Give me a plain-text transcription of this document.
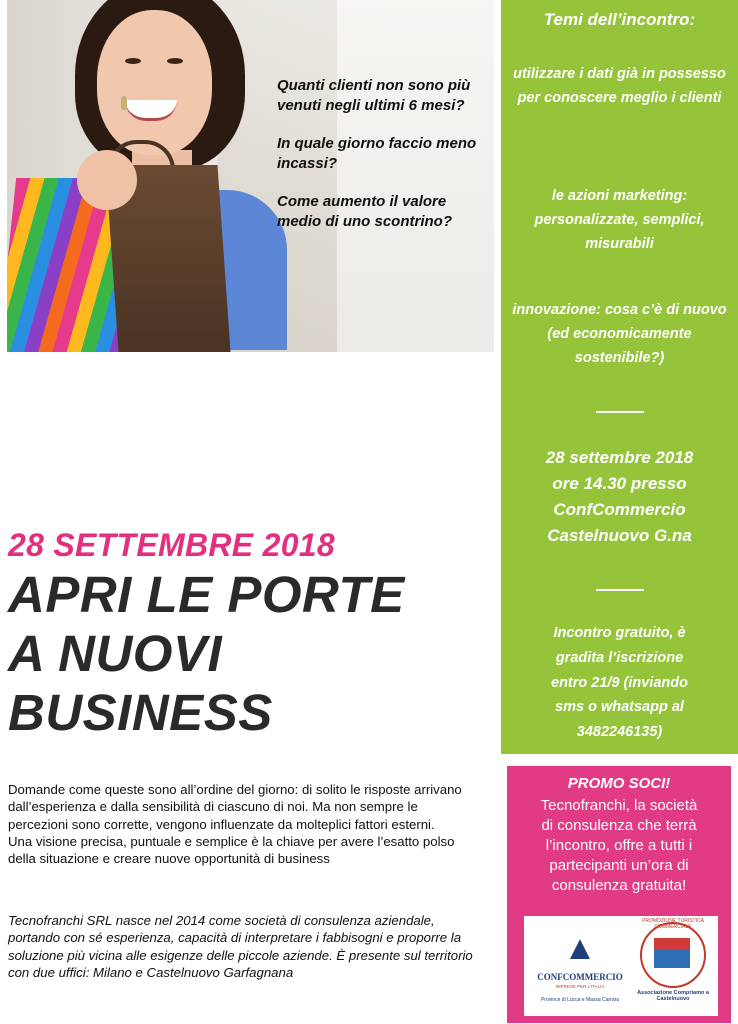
Quanti clienti non sono più venuti negli ultimi 6 mesi?

In quale giorno faccio meno incassi?

Come aumento il valore medio di uno scontrino?

Temi dell’incontro:
utilizzare i dati già in possesso per conoscere meglio i clienti
le azioni marketing: personalizzate, semplici, misurabili
innovazione: cosa c’è di nuovo (ed economicamente sostenibile?)
28 settembre 2018
ore 14.30 presso
ConfCommercio
Castelnuovo G.na
Incontro gratuito, è
gradita l’iscrizione
entro 21/9 (inviando
sms o whatsapp al
3482246135)
28 SETTEMBRE 2018
APRI LE PORTE
A NUOVI
BUSINESS
Domande come queste sono all’ordine del giorno: di solito le risposte arrivano
dall’esperienza e dalla sensibilità di ciascuno di noi. Ma non sempre le
percezioni sono corrette, vengono influenzate da molteplici fattori esterni.
Una visione precisa, puntuale e semplice è la chiave per avere l’esatto polso
della situazione e creare nuove opportunità di business
Tecnofranchi SRL nasce nel 2014 come società di consulenza aziendale,
portando con sé esperienza, capacità di interpretare i fabbisogni e proporre la
soluzione più vicina alle esigenze delle piccole aziende. È presente sul territorio
con due uffici: Milano e Castelnuovo Garfagnana
PROMO SOCI!
Tecnofranchi, la società
di consulenza che terrà
l’incontro, offre a tutti i
partecipanti un’ora di
consulenza gratuita!
▲
CONFCOMMERCIO
IMPRESE PER L'ITALIA
Province di Lucca e Massa Carrara
PROMOZIONE TURISTICA COMMERCIALE
Associazione Compriamo a Castelnuovo
